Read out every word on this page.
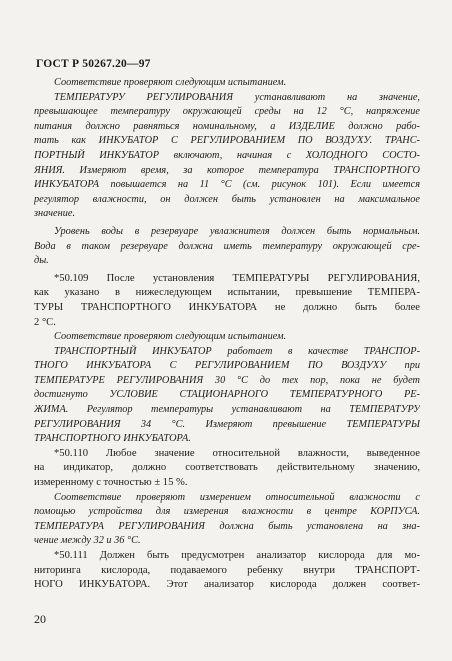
ГОСТ Р 50267.20—97
Соответствие проверяют следующим испытанием.
ТЕМПЕРАТУРУ РЕГУЛИРОВАНИЯ устанавливают на значение,
превышающее температуру окружающей среды на 12 °С, напряжение
питания должно равняться номинальному, а ИЗДЕЛИЕ должно рабо-
тать как ИНКУБАТОР С РЕГУЛИРОВАНИЕМ ПО ВОЗДУХУ. ТРАНС-
ПОРТНЫЙ ИНКУБАТОР включают, начиная с ХОЛОДНОГО СОСТО-
ЯНИЯ. Измеряют время, за которое температура ТРАНСПОРТНОГО
ИНКУБАТОРА повышается на 11 °С (см. рисунок 101). Если имеется
регулятор влажности, он должен быть установлен на максимальное
значение.
Уровень воды в резервуаре увлажнителя должен быть нормальным.
Вода в таком резервуаре должна иметь температуру окружающей сре-
ды.
*50.109 После установления ТЕМПЕРАТУРЫ РЕГУЛИРОВАНИЯ,
как указано в нижеследующем испытании, превышение ТЕМПЕРА-
ТУРЫ ТРАНСПОРТНОГО ИНКУБАТОРА не должно быть более
2 °С.
Соответствие проверяют следующим испытанием.
ТРАНСПОРТНЫЙ ИНКУБАТОР работает в качестве ТРАНСПОР-
ТНОГО ИНКУБАТОРА С РЕГУЛИРОВАНИЕМ ПО ВОЗДУХУ при
ТЕМПЕРАТУРЕ РЕГУЛИРОВАНИЯ 30 °С до тех пор, пока не будет
достигнуто УСЛОВИЕ СТАЦИОНАРНОГО ТЕМПЕРАТУРНОГО РЕ-
ЖИМА. Регулятор температуры устанавливают на ТЕМПЕРАТУРУ
РЕГУЛИРОВАНИЯ 34 °С. Измеряют превышение ТЕМПЕРАТУРЫ
ТРАНСПОРТНОГО ИНКУБАТОРА.
*50.110 Любое значение относительной влажности, выведенное
на индикатор, должно соответствовать действительному значению,
измеренному с точностью ± 15 %.
Соответствие проверяют измерением относительной влажности с
помощью устройства для измерения влажности в центре КОРПУСА.
ТЕМПЕРАТУРА РЕГУЛИРОВАНИЯ должна быть установлена на зна-
чение между 32 и 36 °С.
*50.111 Должен быть предусмотрен анализатор кислорода для мо-
ниторинга кислорода, подаваемого ребенку внутри ТРАНСПОРТ-
НОГО ИНКУБАТОРА. Этот анализатор кислорода должен соответ-
20
